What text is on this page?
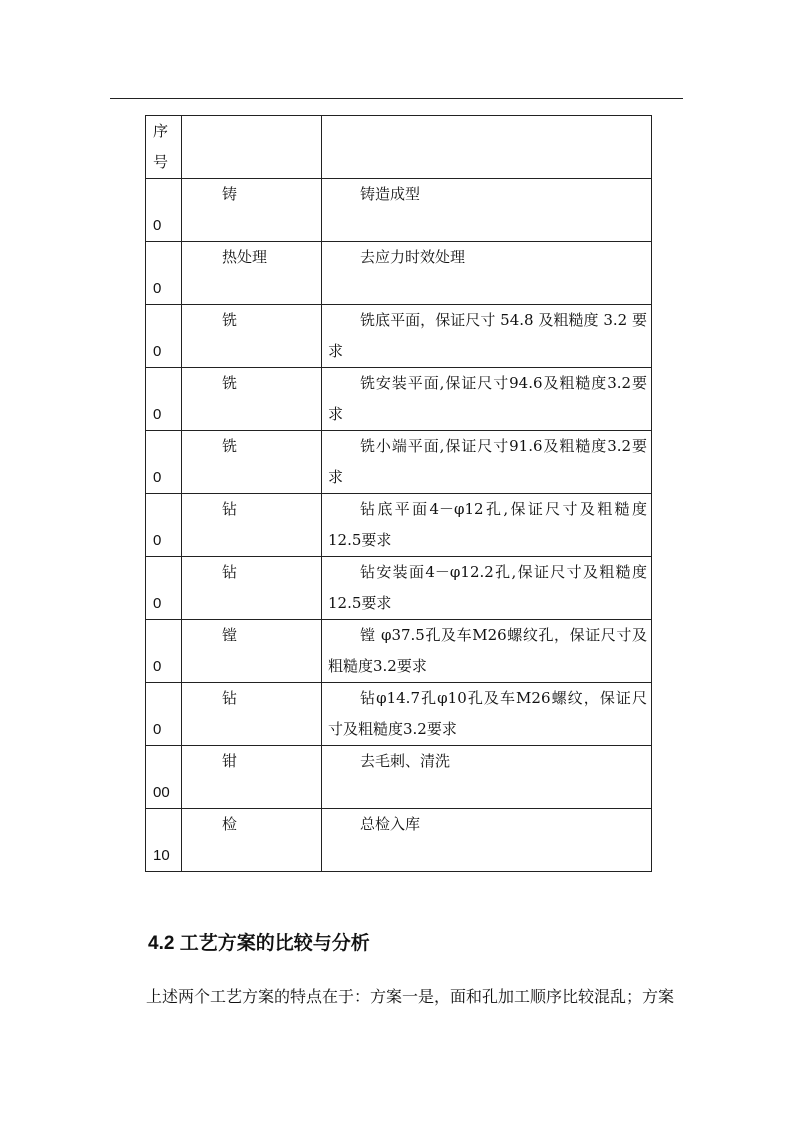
序号		

0	铸	铸造成型

0	热处理	去应力时效处理

0	铣	铣底平面，保证尺寸 54.8 及粗糙度 3.2 要求

0	铣	铣安装平面,保证尺寸94.6及粗糙度3.2要求

0	铣	铣小端平面,保证尺寸91.6及粗糙度3.2要求

0	钻	钻底平面4－φ12孔,保证尺寸及粗糙度12.5要求

0	钻	钻安装面4－φ12.2孔,保证尺寸及粗糙度12.5要求

0	镗	镗 φ37.5孔及车M26螺纹孔，保证尺寸及粗糙度3.2要求

0	钻	钻φ14.7孔φ10孔及车M26螺纹，保证尺寸及粗糙度3.2要求

00	钳	去毛刺、清洗

10	检	总检入库
4.2 工艺方案的比较与分析
上述两个工艺方案的特点在于：方案一是，面和孔加工顺序比较混乱；方案
